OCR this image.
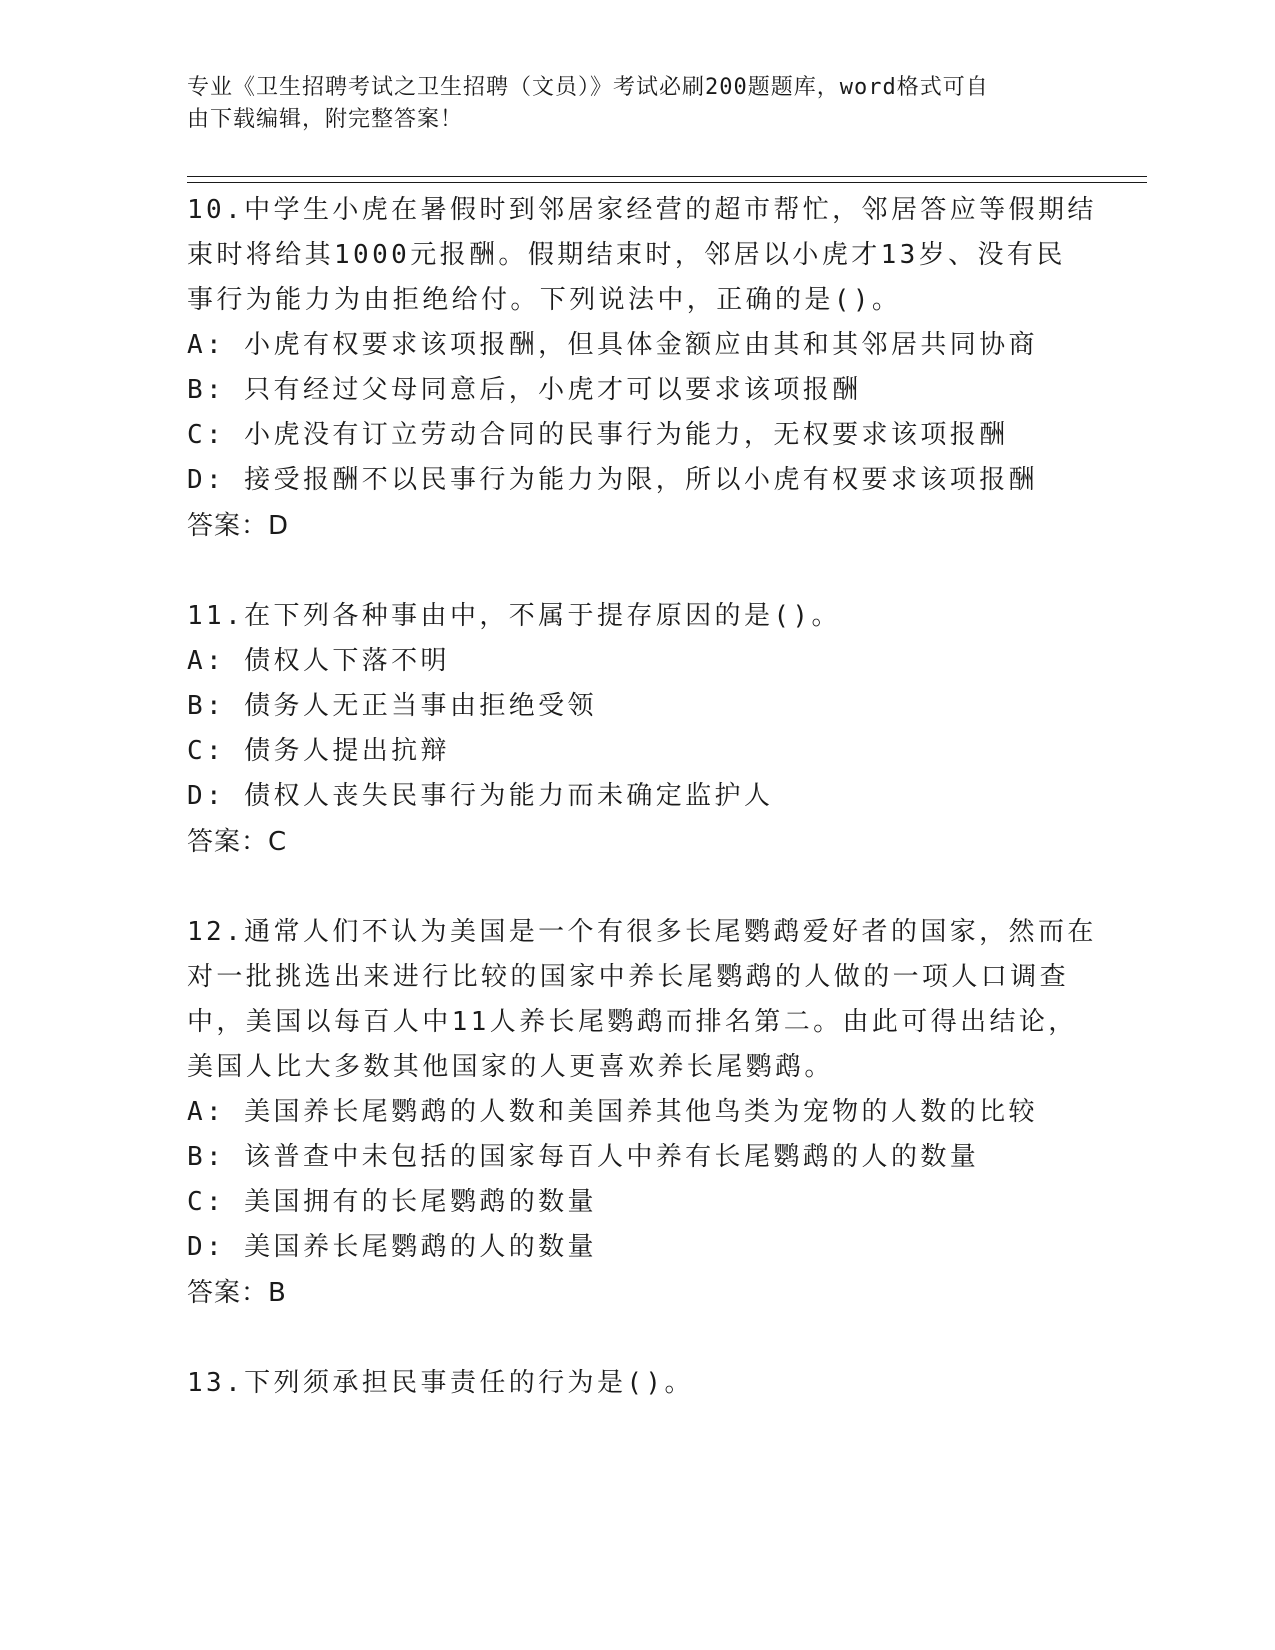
专业《卫生招聘考试之卫生招聘（文员）》考试必刷200题题库，word格式可自
由下载编辑，附完整答案！

10.中学生小虎在暑假时到邻居家经营的超市帮忙，邻居答应等假期结
束时将给其1000元报酬。假期结束时，邻居以小虎才13岁、没有民
事行为能力为由拒绝给付。下列说法中，正确的是()。

A: 小虎有权要求该项报酬，但具体金额应由其和其邻居共同协商

B: 只有经过父母同意后，小虎才可以要求该项报酬

C: 小虎没有订立劳动合同的民事行为能力，无权要求该项报酬

D: 接受报酬不以民事行为能力为限，所以小虎有权要求该项报酬

答案：D

11.在下列各种事由中，不属于提存原因的是()。

A: 债权人下落不明

B: 债务人无正当事由拒绝受领

C: 债务人提出抗辩

D: 债权人丧失民事行为能力而未确定监护人

答案：C

12.通常人们不认为美国是一个有很多长尾鹦鹉爱好者的国家，然而在
对一批挑选出来进行比较的国家中养长尾鹦鹉的人做的一项人口调查
中，美国以每百人中11人养长尾鹦鹉而排名第二。由此可得出结论，
美国人比大多数其他国家的人更喜欢养长尾鹦鹉。

A: 美国养长尾鹦鹉的人数和美国养其他鸟类为宠物的人数的比较

B: 该普查中未包括的国家每百人中养有长尾鹦鹉的人的数量

C: 美国拥有的长尾鹦鹉的数量

D: 美国养长尾鹦鹉的人的数量

答案：B

13.下列须承担民事责任的行为是()。
